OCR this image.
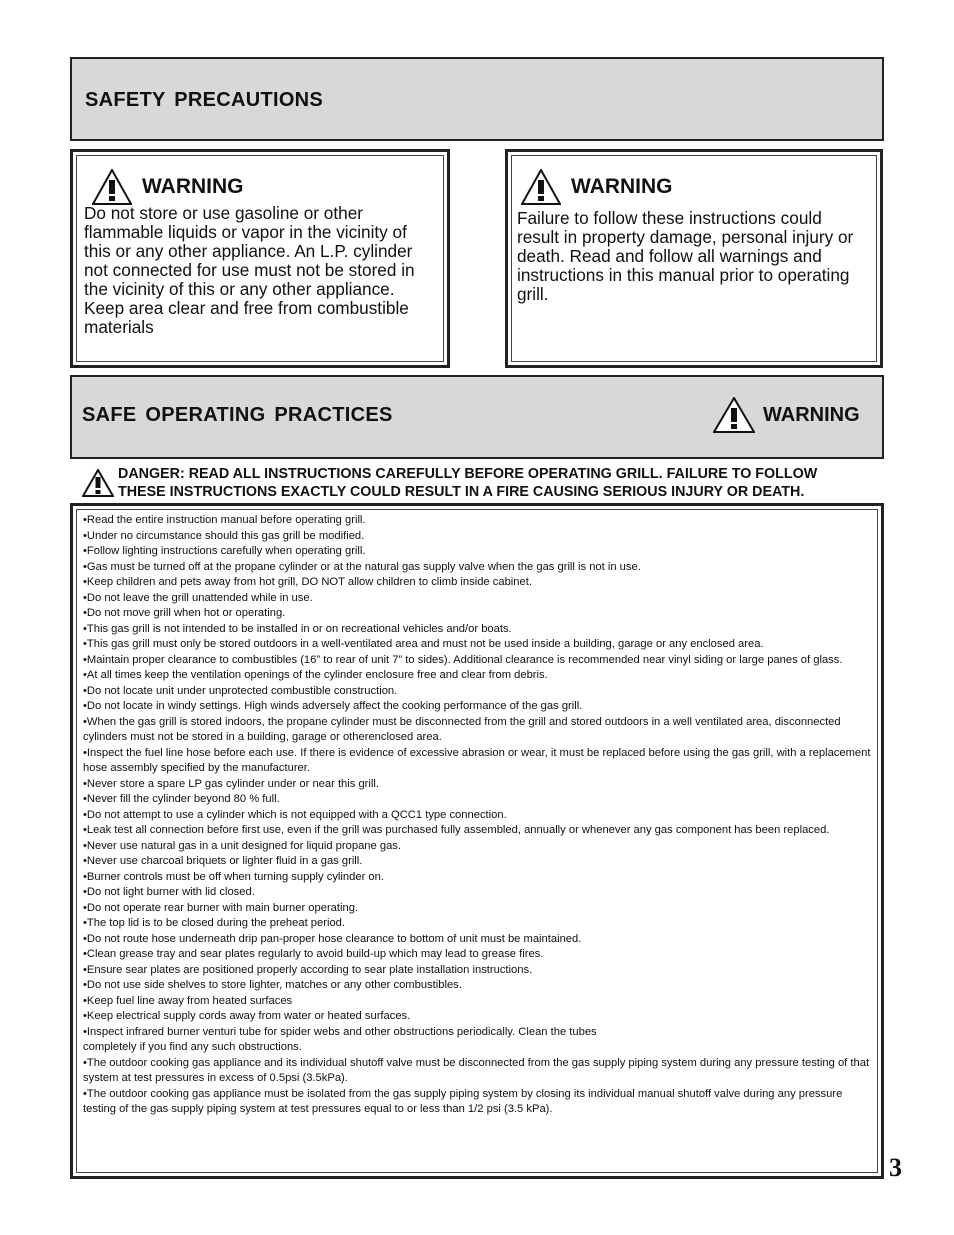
SAFETY PRECAUTIONS
WARNING
Do not store or use gasoline or other flammable liquids or vapor in the vicinity of this or any other appliance. An L.P. cylinder not connected for use must not be stored in the vicinity of this or any other appliance. Keep area clear and free from combustible materials
WARNING
Failure to follow these instructions could result in property damage, personal injury or death. Read and follow all warnings and instructions in this manual prior to operating grill.
SAFE OPERATING PRACTICES	WARNING
DANGER: READ ALL INSTRUCTIONS CAREFULLY BEFORE OPERATING GRILL. FAILURE TO FOLLOW
THESE INSTRUCTIONS EXACTLY COULD RESULT IN A FIRE CAUSING SERIOUS INJURY OR DEATH.
•Read the entire instruction manual before operating grill.
•Under no circumstance should this gas grill be modified.
•Follow lighting instructions carefully when operating grill.
•Gas must be turned off at the propane cylinder or at the natural gas supply valve when the gas grill is not in use.
•Keep children and pets away from hot grill, DO NOT allow children to climb inside cabinet.
•Do not leave the grill unattended while in use.
•Do not move grill when hot or operating.
•This gas grill is not intended to be installed in or on recreational vehicles and/or boats.
•This gas grill must only be stored outdoors in a well-ventilated area and must not be used inside a building, garage or any enclosed area.
•Maintain proper clearance to combustibles (16” to rear of unit 7” to sides). Additional clearance is recommended near vinyl siding or large panes of glass.
•At all times keep the ventilation openings of the cylinder enclosure free and clear from debris.
•Do not locate unit under unprotected combustible construction.
•Do not locate in windy settings. High winds adversely affect the cooking performance of the gas grill.
•When the gas grill is stored indoors, the propane cylinder must be disconnected from the grill and stored outdoors in a well ventilated area, disconnected cylinders must not be stored in a building, garage or otherenclosed area.
•Inspect the fuel line hose before each use. If there is evidence of excessive abrasion or wear, it must be replaced before using the gas grill, with a replacement hose assembly specified by the manufacturer.
•Never store a spare LP gas cylinder under or near this grill.
•Never fill the cylinder beyond 80 % full.
•Do not attempt to use a cylinder which is not equipped with a QCC1 type connection.
•Leak test all connection before first use, even if the grill was purchased fully assembled, annually or whenever any gas component has been replaced.
•Never use natural gas in a unit designed for liquid propane gas.
•Never use charcoal briquets or lighter fluid in a gas grill.
•Burner controls must be off when turning supply cylinder on.
•Do not light burner with lid closed.
•Do not operate rear burner with main burner operating.
•The top lid is to be closed during the preheat period.
•Do not route hose underneath drip pan-proper hose clearance to bottom of unit must be maintained.
•Clean grease tray and sear plates regularly to avoid build-up which may lead to grease fires.
•Ensure sear plates are positioned properly according to sear plate installation instructions.
•Do not use side shelves to store lighter, matches or any other combustibles.
•Keep fuel line away from heated surfaces
•Keep electrical supply cords away from water or heated surfaces.
•Inspect infrared burner venturi tube for spider webs and other obstructions periodically. Clean the tubes
completely if you find any such obstructions.
•The outdoor cooking gas appliance and its individual shutoff valve must be disconnected from the gas supply piping system during any pressure testing of that system at test pressures in excess of 0.5psi (3.5kPa).
•The outdoor cooking gas appliance must be isolated from the gas supply piping system by closing its individual manual shutoff valve during any pressure testing of the gas supply piping system at test pressures equal to or less than 1/2 psi (3.5 kPa).
3
